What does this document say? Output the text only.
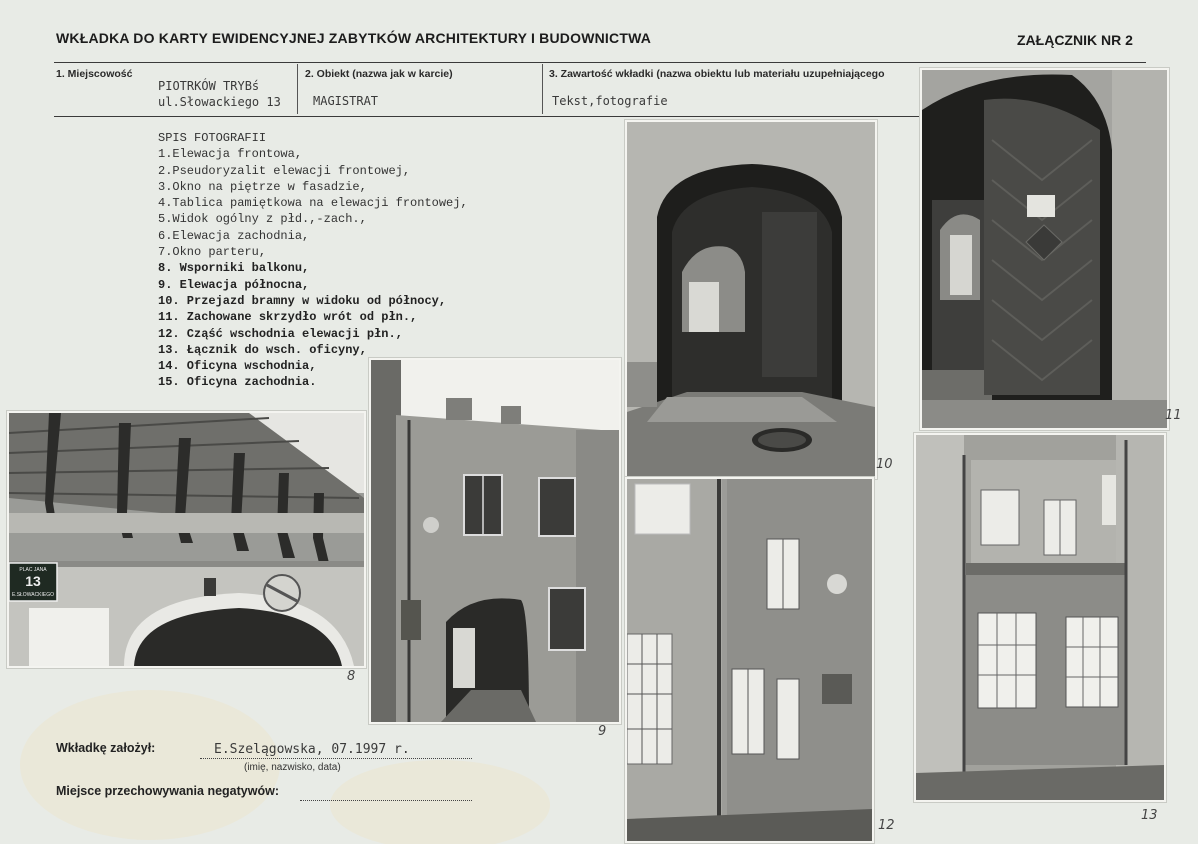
WKŁADKA DO KARTY EWIDENCYJNEJ ZABYTKÓW ARCHITEKTURY I BUDOWNICTWA	ZAŁĄCZNIK NR 2
1. Miejscowość
PIOTRKÓW TRYBś
ul.Słowackiego 13
2. Obiekt (nazwa jak w karcie)
MAGISTRAT
3. Zawartość wkładki (nazwa obiektu lub materiału uzupełniającego
Tekst,fotografie
SPIS FOTOGRAFII
1.Elewacja frontowa,
2.Pseudoryzalit elewacji frontowej,
3.Okno na piętrze w fasadzie,
4.Tablica pamiętkowa na elewacji frontowej,
5.Widok ogólny z płd.,-zach.,
6.Elewacja zachodnia,
7.Okno parteru,
8. Wsporniki balkonu,
9. Elewacja północna,
10. Przejazd bramny w widoku od północy,
11. Zachowane skrzydło wrót od płn.,
12. Cząść wschodnia elewacji płn.,
13. Łącznik do wsch. oficyny,
14. Oficyna wschodnia,
15. Oficyna zachodnia.
PLAC JANA
13
E.SŁOWACKIEGO
8
9
10
11
12
13
Wkładkę założył:	E.Szelągowska, 07.1997 r.
(imię, nazwisko, data)
Miejsce przechowywania negatywów:
